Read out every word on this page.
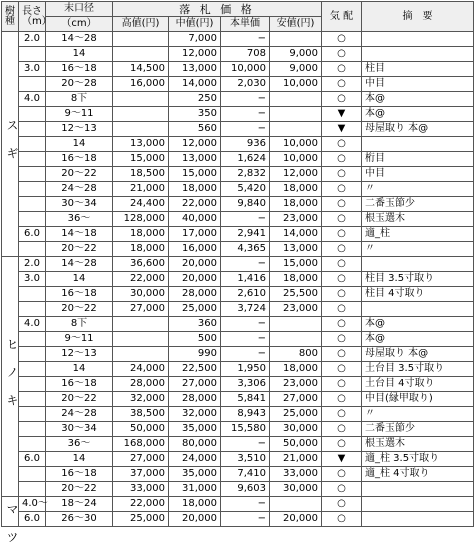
樹
種	長さ
（m）	末口径	落 札 価 格				気 配	摘　要
		（cm）	高値(円)	中値(円)	本単価	安値(円)		
スギ	2.0	14〜28		7,000	−		○	
		14		12,000	708	9,000	○	
	3.0	16〜18	14,500	13,000	10,000	9,000	○	柱目
		20〜28	16,000	14,000	2,030	10,000	○	中目
	4.0	8下		250	−		○	本@
		9〜11		350	−		▼	本@
		12〜13		560	−		▼	母屋取り 本@
		14	13,000	12,000	936	10,000	○	
		16〜18	15,000	13,000	1,624	10,000	○	桁目
		20〜22	18,500	15,000	2,832	12,000	○	中目
		24〜28	21,000	18,000	5,420	18,000	○	〃
		30〜34	24,400	22,000	9,840	18,000	○	二番玉節少
		36〜	128,000	40,000	−	23,000	○	根玉選木
	6.0	14〜18	18,000	17,000	2,941	14,000	○	適_柱
		20〜22	18,000	16,000	4,365	13,000	○	〃
ヒノキ	2.0	14〜28	36,600	20,000	−	15,000	○	
	3.0	14	22,000	20,000	1,416	18,000	○	柱目 3.5寸取り
		16〜18	30,000	28,000	2,610	25,500	○	柱目 4寸取り
		20〜22	27,000	25,000	3,724	23,000	○	
	4.0	8下		360	−		○	本@
		9〜11		500	−		○	本@
		12〜13		990	−	800	○	母屋取り 本@
		14	24,000	22,500	1,950	18,000	○	土台目 3.5寸取り
		16〜18	28,000	27,000	3,306	23,000	○	土台目 4寸取り
		20〜22	32,000	28,000	5,841	27,000	○	中目(縁甲取り)
		24〜28	38,500	32,000	8,943	25,000	○	〃
		30〜34	50,000	35,000	15,580	30,000	○	二番玉節少
		36〜	168,000	80,000	−	50,000	○	根玉選木
	6.0	14	27,000	24,000	3,510	21,000	▼	適_柱 3.5寸取り
		16〜18	37,000	35,000	7,410	33,000	○	適_柱 4寸取り
		20〜22	33,000	31,000	9,603	30,000	○	
マツ	4.0〜	18〜24	22,000	18,000	−		○	
	6.0	26〜30	25,000	20,000	−	20,000	○	
